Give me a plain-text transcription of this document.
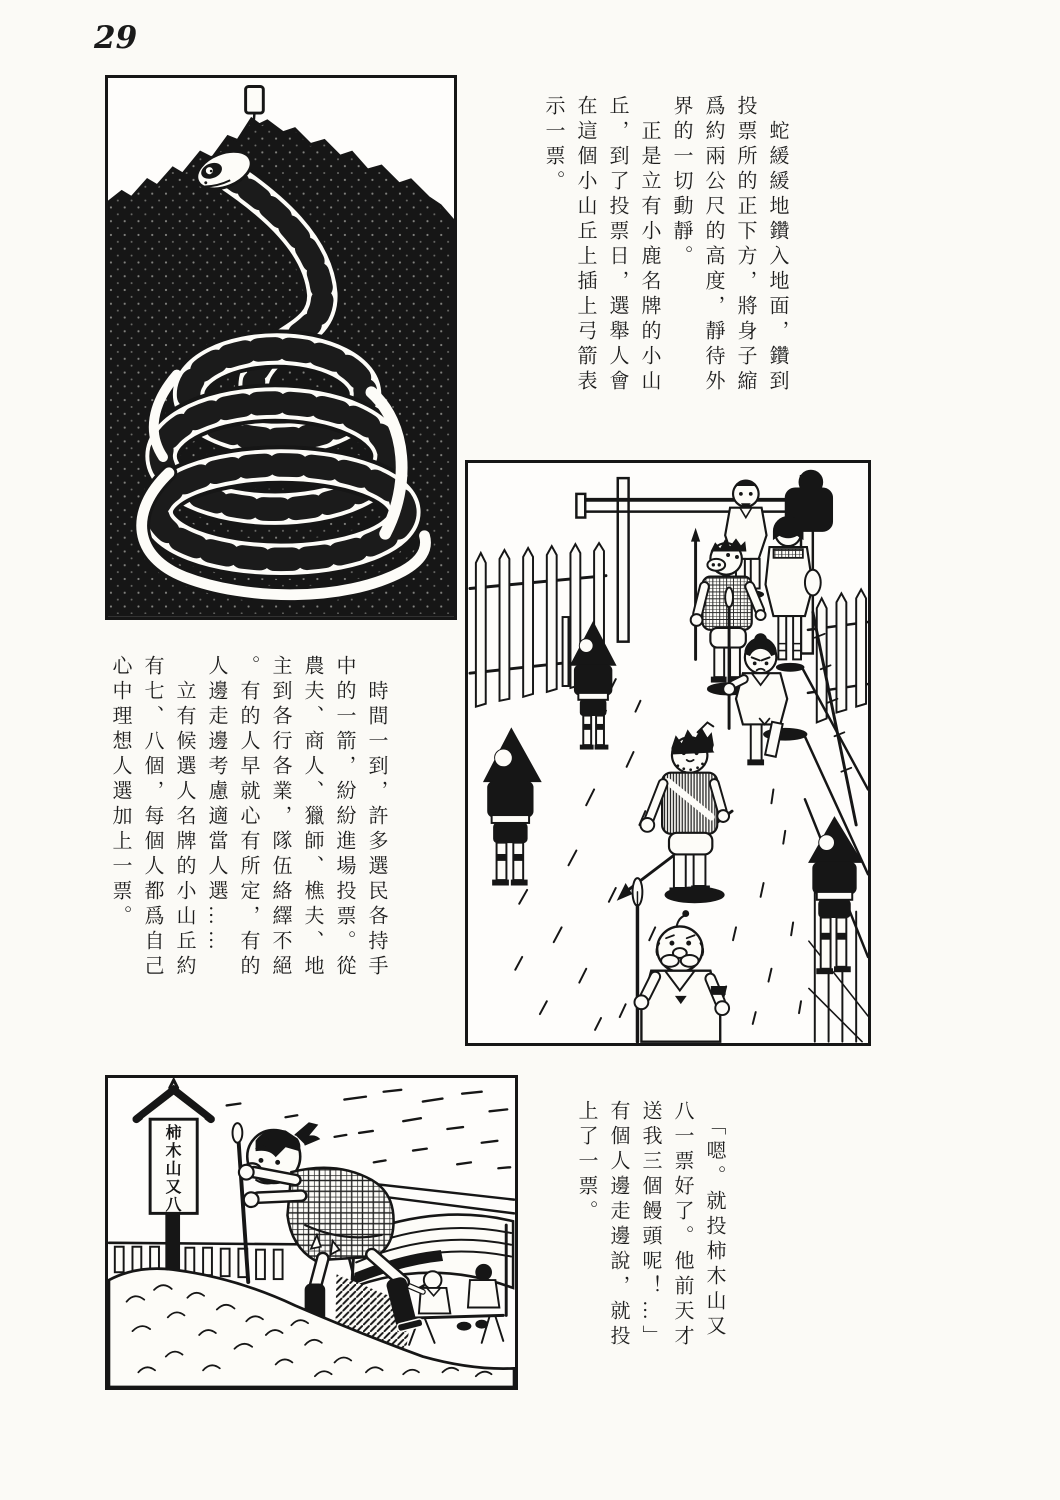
29
柿木山又八
　蛇緩緩地鑽入地面，鑽到
投票所的正下方，將身子縮
爲約兩公尺的高度，靜待外
界的一切動靜。
　正是立有小鹿名牌的小山
丘，到了投票日，選舉人會
在這個小山丘上插上弓箭表
示一票。
　時間一到，許多選民各持手
中的一箭，紛紛進場投票。從
農夫、商人、獵師、樵夫、地
主到各行各業，隊伍絡繹不絕
。有的人早就心有所定，有的
人邊走邊考慮適當人選……
　立有候選人名牌的小山丘約
有七、八個，每個人都爲自己
心中理想人選加上一票。
　「嗯。就投柿木山又
八一票好了。他前天才
送我三個饅頭呢！…」
有個人邊走邊說，就投
上了一票。
